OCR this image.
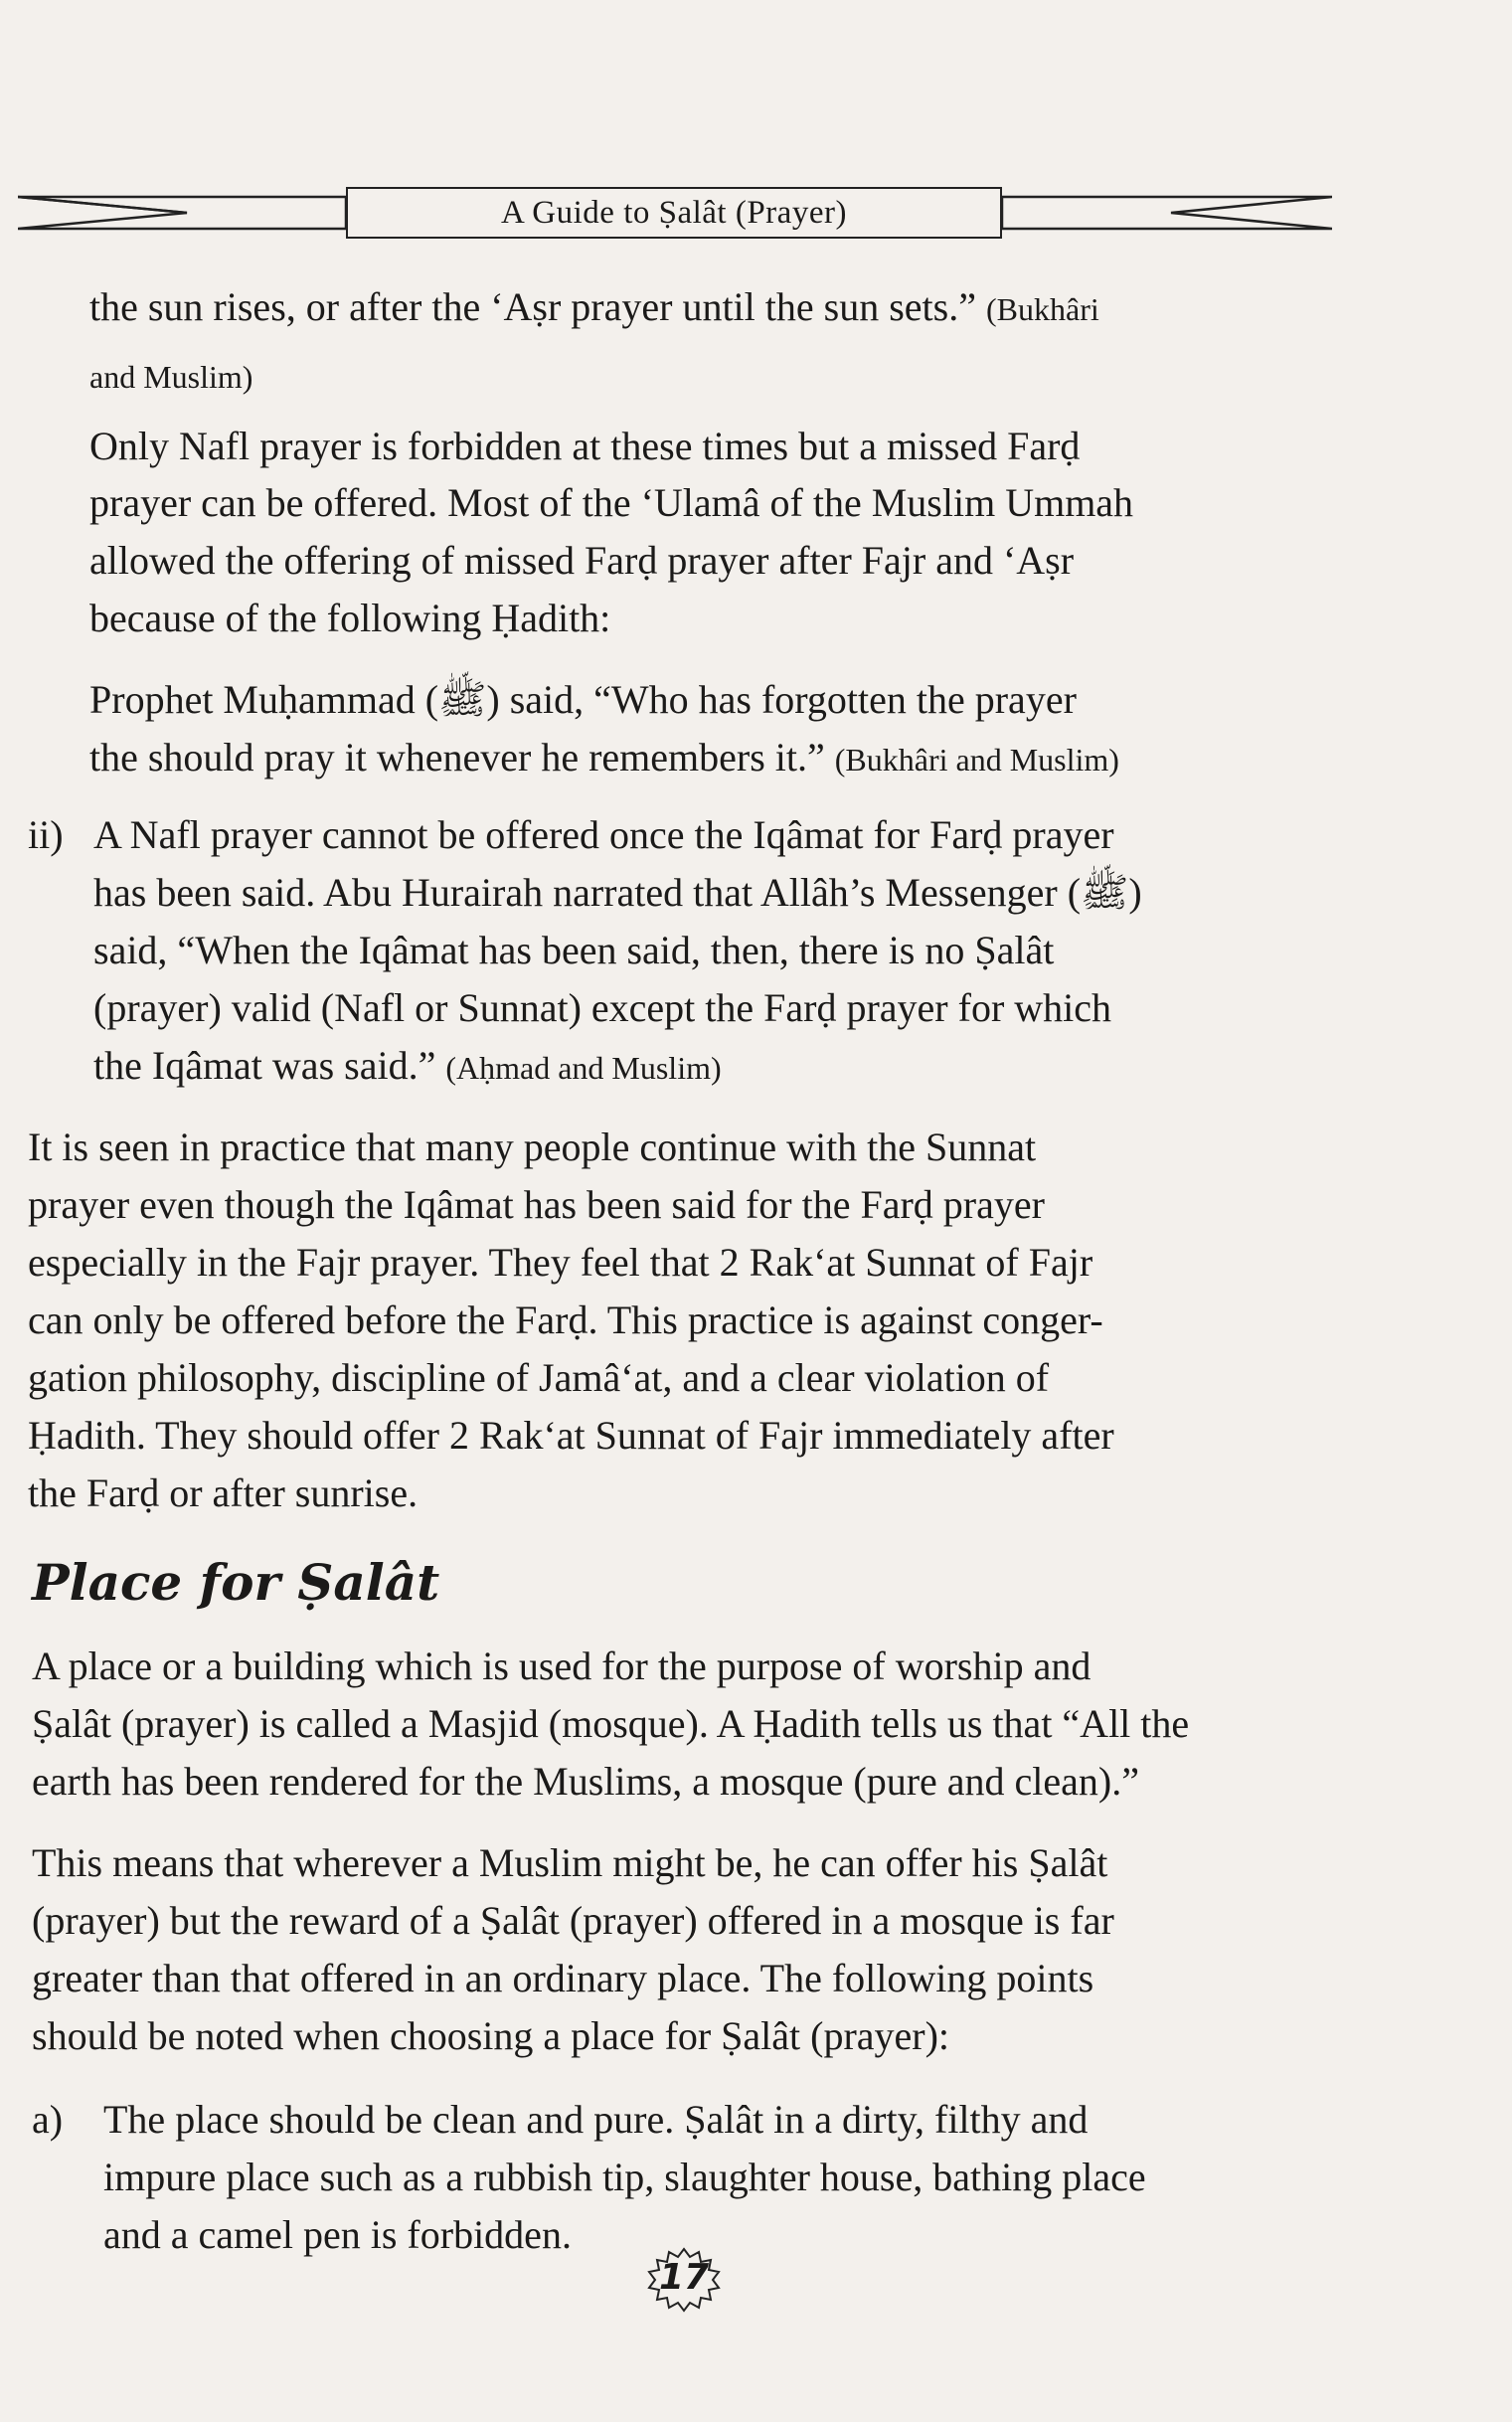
A Guide to Ṣalât (Prayer)
the sun rises, or after the ‘Aṣr prayer until the sun sets.” (Bukhâri
and Muslim)
Only Nafl prayer is forbidden at these times but a missed Farḍ
prayer can be offered. Most of the ‘Ulamâ of the Muslim Ummah
allowed the offering of missed Farḍ prayer after Fajr and ‘Aṣr
because of the following Ḥadith:
Prophet Muḥammad (ﷺ) said, “Who has forgotten the prayer
the should pray it whenever he remembers it.” (Bukhâri and Muslim)
ii) A Nafl prayer cannot be offered once the Iqâmat for Farḍ prayer
has been said. Abu Hurairah narrated that Allâh’s Messenger (ﷺ)
said, “When the Iqâmat has been said, then, there is no Ṣalât
(prayer) valid (Nafl or Sunnat) except the Farḍ prayer for which
the Iqâmat was said.” (Aḥmad and Muslim)
It is seen in practice that many people continue with the Sunnat
prayer even though the Iqâmat has been said for the Farḍ prayer
especially in the Fajr prayer. They feel that 2 Rak‘at Sunnat of Fajr
can only be offered before the Farḍ. This practice is against conger-
gation philosophy, discipline of Jamâ‘at, and a clear violation of
Ḥadith. They should offer 2 Rak‘at Sunnat of Fajr immediately after
the Farḍ or after sunrise.
Place for Ṣalât
A place or a building which is used for the purpose of worship and
Ṣalât (prayer) is called a Masjid (mosque). A Ḥadith tells us that “All the
earth has been rendered for the Muslims, a mosque (pure and clean).”
This means that wherever a Muslim might be, he can offer his Ṣalât
(prayer) but the reward of a Ṣalât (prayer) offered in a mosque is far
greater than that offered in an ordinary place. The following points
should be noted when choosing a place for Ṣalât (prayer):
a) The place should be clean and pure. Ṣalât in a dirty, filthy and
impure place such as a rubbish tip, slaughter house, bathing place
and a camel pen is forbidden.
17
